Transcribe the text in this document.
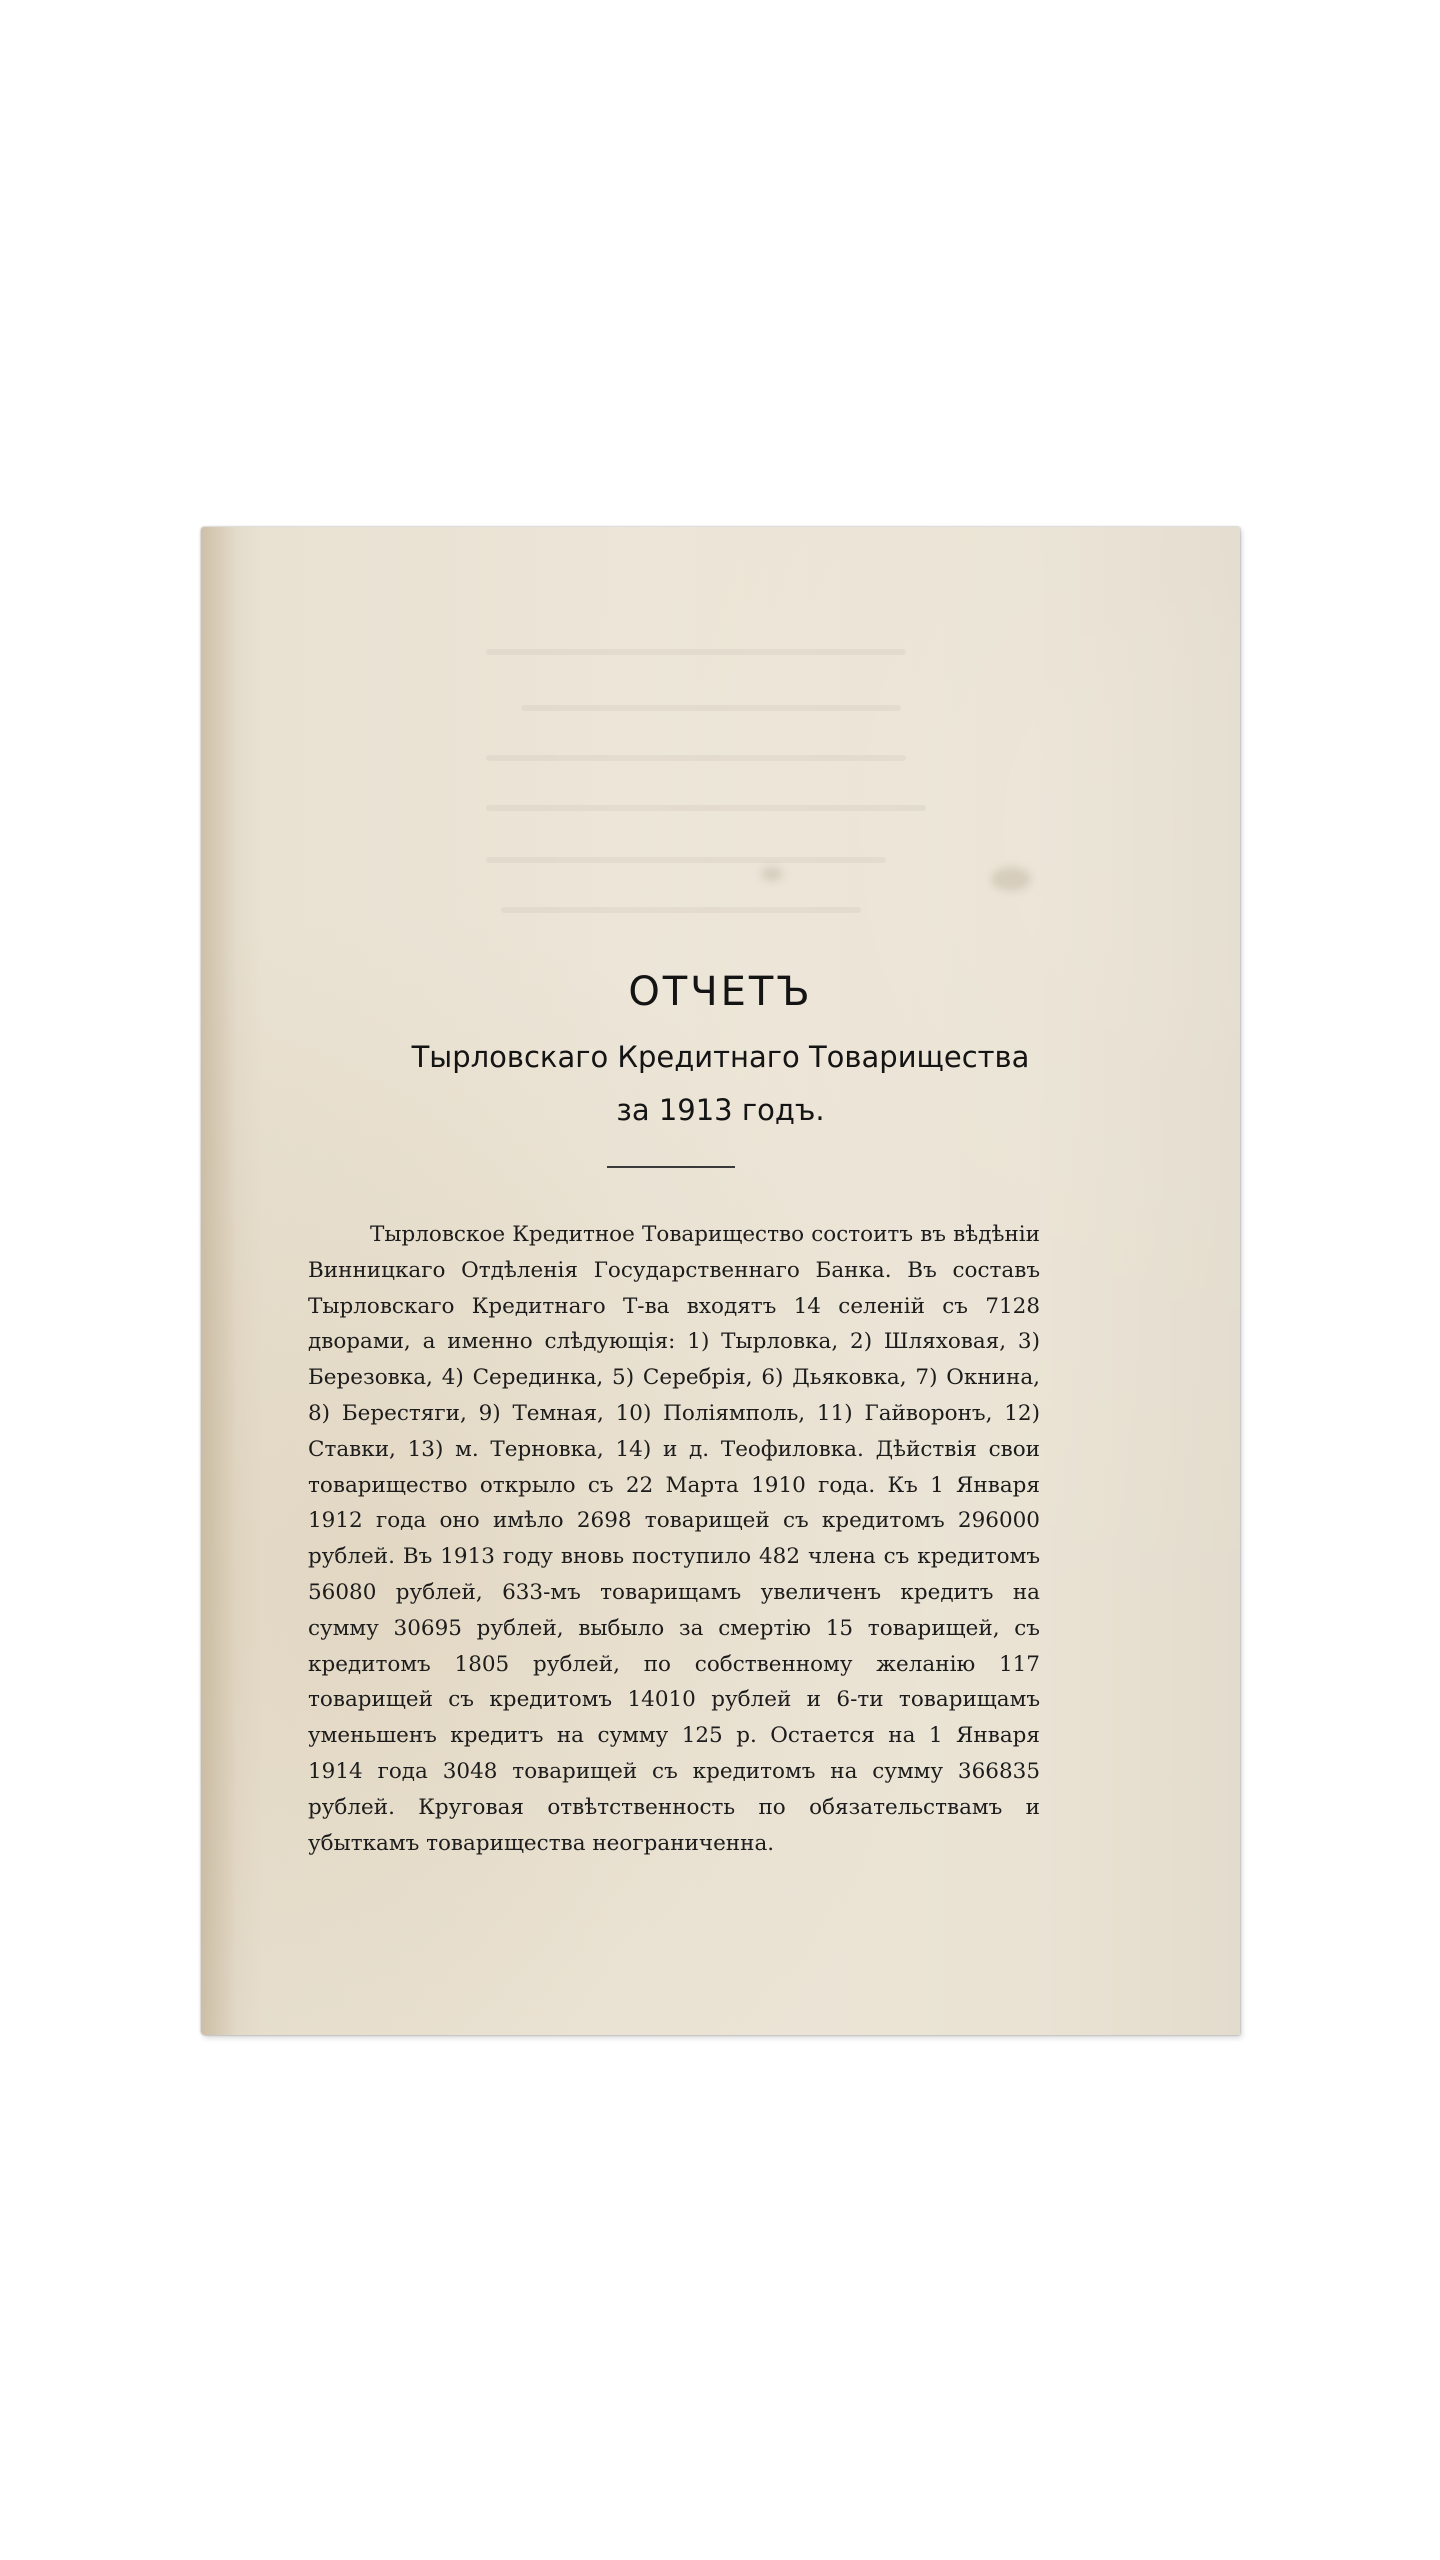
ОТЧЕТЪ
Тырловскаго Кредитнаго Товарищества
за 1913 годъ.

Тырловское Кредитное Товарищество состоитъ въ вѣдѣніи Винницкаго Отдѣленія Государственнаго Банка. Въ составъ Тырловскаго Кредитнаго Т-ва входятъ 14 селеній съ 7128 дворами, а именно слѣдующія: 1) Тырловка, 2) Шляховая, 3) Березовка, 4) Серединка, 5) Серебрія, 6) Дьяковка, 7) Окнина, 8) Берестяги, 9) Темная, 10) Поліямполь, 11) Гайворонъ, 12) Ставки, 13) м. Терновка, 14) и д. Теофиловка. Дѣйствія свои товарищество открыло съ 22 Марта 1910 года. Къ 1 Января 1912 года оно имѣло 2698 товарищей съ кредитомъ 296000 рублей. Въ 1913 году вновь поступило 482 члена съ кредитомъ 56080 рублей, 633-мъ товарищамъ увеличенъ кредитъ на сумму 30695 рублей, выбыло за смертію 15 товарищей, съ кредитомъ 1805 рублей, по собственному желанію 117 товарищей съ кредитомъ 14010 рублей и 6-ти товарищамъ уменьшенъ кредитъ на сумму 125 р. Остается на 1 Января 1914 года 3048 товарищей съ кредитомъ на сумму 366835 рублей. Круговая отвѣтственность по обязательствамъ и убыткамъ товарищества неограниченна.
